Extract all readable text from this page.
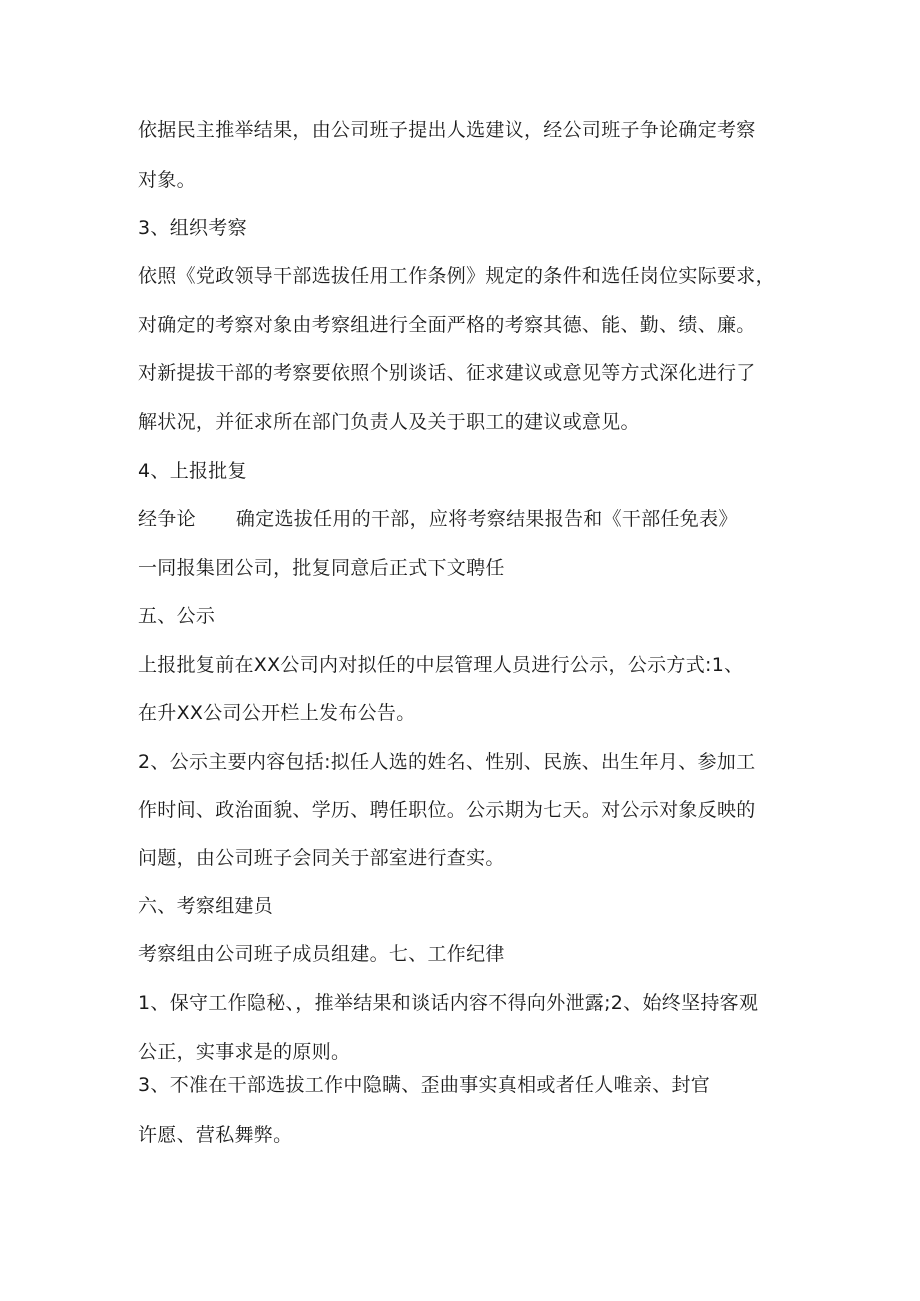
依据民主推举结果，由公司班子提出人选建议，经公司班子争论确定考察

对象。

3、组织考察

依照《党政领导干部选拔任用工作条例》规定的条件和选任岗位实际要求，

对确定的考察对象由考察组进行全面严格的考察其德、能、勤、绩、廉。

对新提拔干部的考察要依照个别谈话、征求建议或意见等方式深化进行了

解状况，并征求所在部门负责人及关于职工的建议或意见。

4、上报批复

经争论 确定选拔任用的干部，应将考察结果报告和《干部任免表》

一同报集团公司，批复同意后正式下文聘任

五、公示

上报批复前在XX公司内对拟任的中层管理人员进行公示，公示方式:1、

在升XX公司公开栏上发布公告。

2、公示主要内容包括:拟任人选的姓名、性别、民族、出生年月、参加工

作时间、政治面貌、学历、聘任职位。公示期为七天。对公示对象反映的

问题，由公司班子会同关于部室进行查实。

六、考察组建员

考察组由公司班子成员组建。七、工作纪律

1、保守工作隐秘、，推举结果和谈话内容不得向外泄露;2、始终坚持客观

公正，实事求是的原则。

3、不准在干部选拔工作中隐瞒、歪曲事实真相或者任人唯亲、封官

许愿、营私舞弊。
